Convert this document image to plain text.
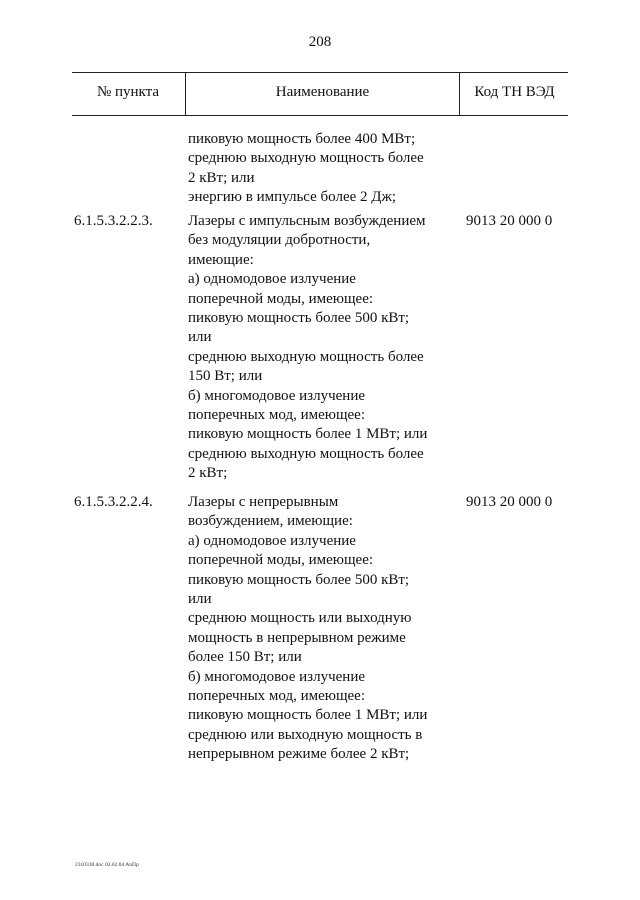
208
№ пункта	Наименование	Код ТН ВЭД
пиковую мощность более 400 МВт;
среднюю выходную мощность более
2 кВт; или
энергию в импульсе более 2 Дж;
6.1.5.3.2.2.3. Лазеры с импульсным возбуждением
без модуляции добротности,
имеющие:
а) одномодовое излучение
поперечной моды, имеющее:
пиковую мощность более 500 кВт;
или
среднюю выходную мощность более
150 Вт; или
б) многомодовое излучение
поперечных мод, имеющее:
пиковую мощность более 1 МВт; или
среднюю выходную мощность более
2 кВт;
9013 20 000 0
6.1.5.3.2.2.4. Лазеры с непрерывным
возбуждением, имеющие:
а) одномодовое излучение
поперечной моды, имеющее:
пиковую мощность более 500 кВт;
или
среднюю мощность или выходную
мощность в непрерывном режиме
более 150 Вт; или
б) многомодовое излучение
поперечных мод, имеющее:
пиковую мощность более 1 МВт; или
среднюю или выходную мощность в
непрерывном режиме более 2 кВт;
9013 20 000 0
2310338.doc 02.02.04 AnПр
